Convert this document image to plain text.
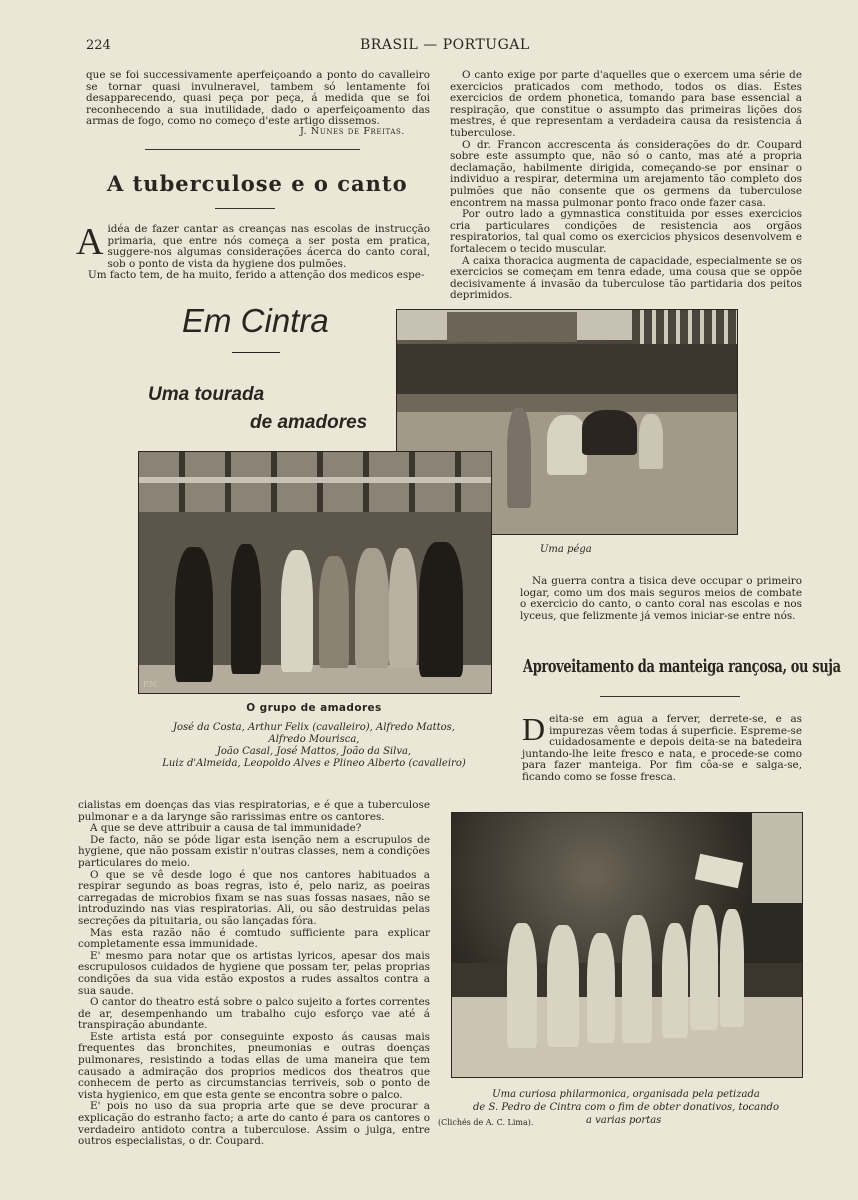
224	BRASIL — PORTUGAL

que se foi successivamente aperfeiçoando a ponto do cavalleiro se tornar quasi invulneravel, tambem só lentamente foi desapparecendo, quasi peça por peça, á medida que se foi reconhecendo a sua inutilidade, dado o aperfeiçoamento das armas de fogo, como no começo d'este artigo dissemos.

J. Nunes de Freitas.
A tuberculose e o canto
A idéa de fazer cantar as creanças nas escolas de instrucção primaria, que entre nós começa a ser posta em pratica, suggere-nos algumas considerações ácerca do canto coral, sob o ponto de vista da hygiene dos pulmões.

Um facto tem, de ha muito, ferido a attenção dos medicos espe-

O canto exige por parte d'aquelles que o exercem uma série de exercicios praticados com methodo, todos os dias. Estes exercicios de ordem phonetica, tomando para base essencial a respiração, que constitue o assumpto das primeiras lições dos mestres, é que representam a verdadeira causa da resistencia á tuberculose.

O dr. Francon accrescenta ás considerações do dr. Coupard sobre este assumpto que, não só o canto, mas até a propria declamação, habilmente dirigida, começando-se por ensinar o individuo a respirar, determina um arejamento tão completo dos pulmões que não consente que os germens da tuberculose encontrem na massa pulmonar ponto fraco onde fazer casa.

Por outro lado a gymnastica constituida por esses exercicios cria particulares condições de resistencia aos orgãos respiratorios, tal qual como os exercicios physicos desenvolvem e fortalecem o tecido muscular.

A caixa thoracica augmenta de capacidade, especialmente se os exercicios se começam em tenra edade, uma cousa que se oppõe decisivamente á invasão da tuberculose tão partidaria dos peitos deprimidos.

Em Cintra
Uma tourada
de amadores
Uma péga
P.N.
O grupo de amadores
José da Costa, Arthur Felix (cavalleiro), Alfredo Mattos,
Alfredo Mourisca,
João Casal, José Mattos, João da Silva,
Luiz d'Almeida, Leopoldo Alves e Plineo Alberto (cavalleiro)

Na guerra contra a tisica deve occupar o primeiro logar, como um dos mais seguros meios de combate o exercicio do canto, o canto coral nas escolas e nos lyceus, que felizmente já vemos iniciar-se entre nós.

Aproveitamento da manteiga rançosa, ou suja
D eita-se em agua a ferver, derrete-se, e as impurezas vêem todas á superficie. Espreme-se cuidadosamente e depois deita-se na batedeira juntando-lhe leite fresco e nata, e procede-se como para fazer manteiga. Por fim côa-se e salga-se, ficando como se fosse fresca.

cialistas em doenças das vias respiratorias, e é que a tuberculose pulmonar e a da larynge são rarissimas entre os cantores.

A que se deve attribuir a causa de tal immunidade?

De facto, não se póde ligar esta isenção nem a escrupulos de hygiene, que não possam existir n'outras classes, nem a condições particulares do meio.

O que se vê desde logo é que nos cantores habituados a respirar segundo as boas regras, isto é, pelo nariz, as poeiras carregadas de microbios fixam se nas suas fossas nasaes, não se introduzindo nas vias respiratorias. Ali, ou são destruidas pelas secreções da pituitaria, ou são lançadas fóra.

Mas esta razão não é comtudo sufficiente para explicar completamente essa immunidade.

E' mesmo para notar que os artistas lyricos, apesar dos mais escrupulosos cuidados de hygiene que possam ter, pelas proprias condições da sua vida estão expostos a rudes assaltos contra a sua saude.

O cantor do theatro está sobre o palco sujeito a fortes correntes de ar, desempenhando um trabalho cujo esforço vae até á transpiração abundante.

Este artista está por conseguinte exposto ás causas mais frequentes das bronchites, pneumonias e outras doenças pulmonares, resistindo a todas ellas de uma maneira que tem causado a admiração dos proprios medicos dos theatros que conhecem de perto as circumstancias terriveis, sob o ponto de vista hygienico, em que esta gente se encontra sobre o palco.

E' pois no uso da sua propria arte que se deve procurar a explicação do estranho facto; a arte do canto é para os cantores o verdadeiro antidoto contra a tuberculose. Assim o julga, entre outros especialistas, o dr. Coupard.

Uma curiosa philarmonica, organisada pela petizada
de S. Pedro de Cintra com o fim de obter donativos, tocando
(Clichés de A. C. Lima).	a varias portas
